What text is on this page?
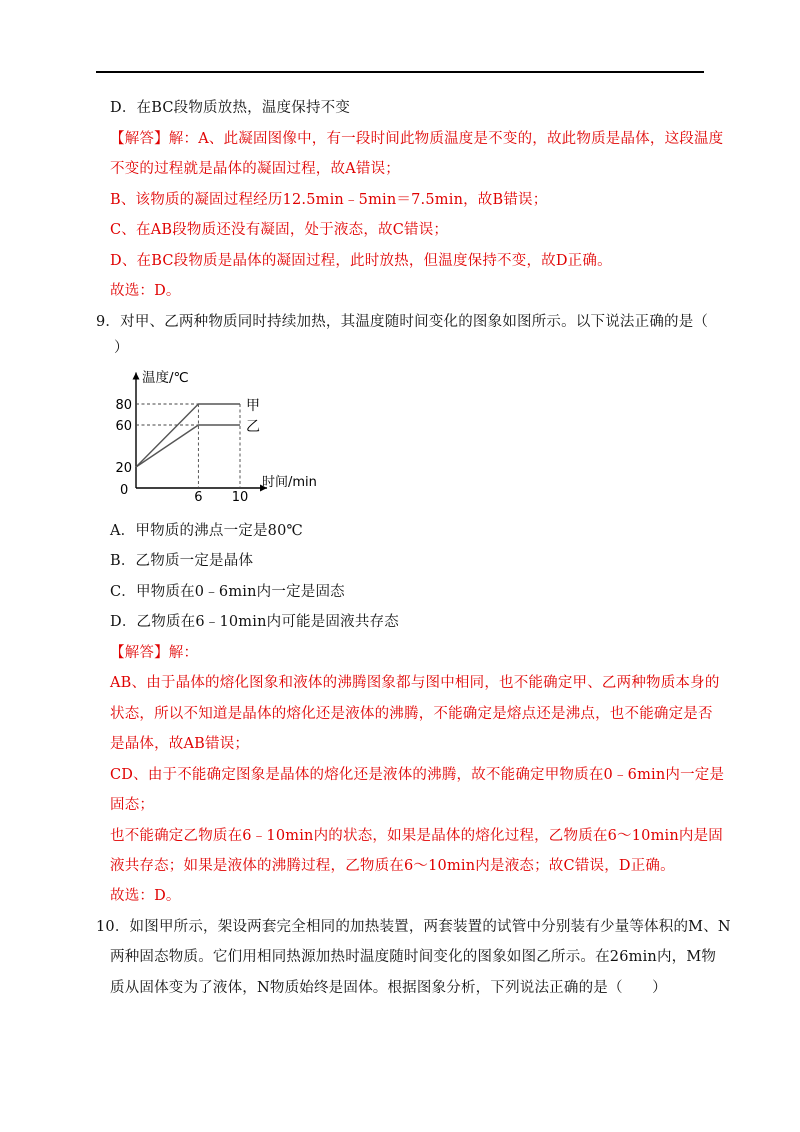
D．在BC段物质放热，温度保持不变
【解答】解：A、此凝固图像中，有一段时间此物质温度是不变的，故此物质是晶体，这段温度
不变的过程就是晶体的凝固过程，故A错误；
B、该物质的凝固过程经历12.5min﹣5min＝7.5min，故B错误；
C、在AB段物质还没有凝固，处于液态，故C错误；
D、在BC段物质是晶体的凝固过程，此时放热，但温度保持不变，故D正确。
故选：D。
9．对甲、乙两种物质同时持续加热，其温度随时间变化的图象如图所示。以下说法正确的是（
）
20
60
80
6 10
甲
乙
温度/℃
时间/min
0
A．甲物质的沸点一定是80℃
B．乙物质一定是晶体
C．甲物质在0﹣6min内一定是固态
D．乙物质在6﹣10min内可能是固液共存态
【解答】解：
AB、由于晶体的熔化图象和液体的沸腾图象都与图中相同，也不能确定甲、乙两种物质本身的
状态，所以不知道是晶体的熔化还是液体的沸腾，不能确定是熔点还是沸点，也不能确定是否
是晶体，故AB错误；
CD、由于不能确定图象是晶体的熔化还是液体的沸腾，故不能确定甲物质在0﹣6min内一定是
固态；
也不能确定乙物质在6﹣10min内的状态，如果是晶体的熔化过程，乙物质在6～10min内是固
液共存态；如果是液体的沸腾过程，乙物质在6～10min内是液态；故C错误，D正确。
故选：D。
10．如图甲所示，架设两套完全相同的加热装置，两套装置的试管中分别装有少量等体积的M、N
两种固态物质。它们用相同热源加热时温度随时间变化的图象如图乙所示。在26min内，M物
质从固体变为了液体，N物质始终是固体。根据图象分析，下列说法正确的是（　　）
